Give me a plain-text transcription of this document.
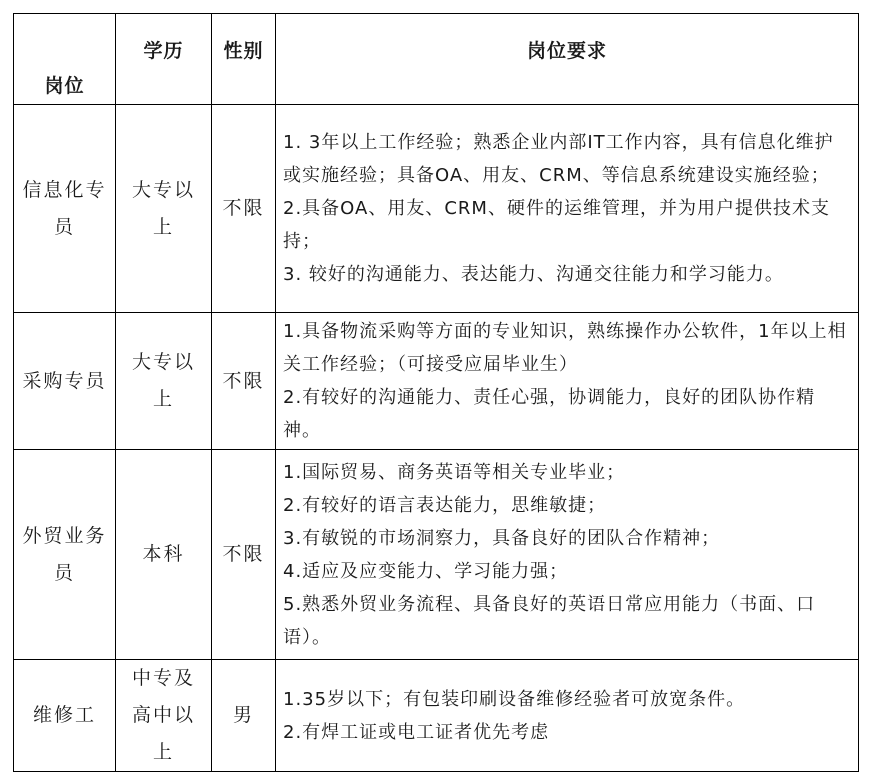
岗位	学历	性别	岗位要求
信息化专员	大专以上	不限	1. 3年以上工作经验；熟悉企业内部IT工作内容，具有信息化维护或实施经验；具备OA、用友、CRM、等信息系统建设实施经验；
2.具备OA、用友、CRM、硬件的运维管理，并为用户提供技术支持；
3. 较好的沟通能力、表达能力、沟通交往能力和学习能力。

采购专员	大专以上	不限	1.具备物流采购等方面的专业知识，熟练操作办公软件，1年以上相关工作经验；（可接受应届毕业生）
2.有较好的沟通能力、责任心强，协调能力，良好的团队协作精神。

外贸业务员	本科	不限	1.国际贸易、商务英语等相关专业毕业；
2.有较好的语言表达能力，思维敏捷；
3.有敏锐的市场洞察力，具备良好的团队合作精神；
4.适应及应变能力、学习能力强；
5.熟悉外贸业务流程、具备良好的英语日常应用能力（书面、口语）。

维修工	中专及高中以上	男	1.35岁以下；有包装印刷设备维修经验者可放宽条件。
2.有焊工证或电工证者优先考虑
